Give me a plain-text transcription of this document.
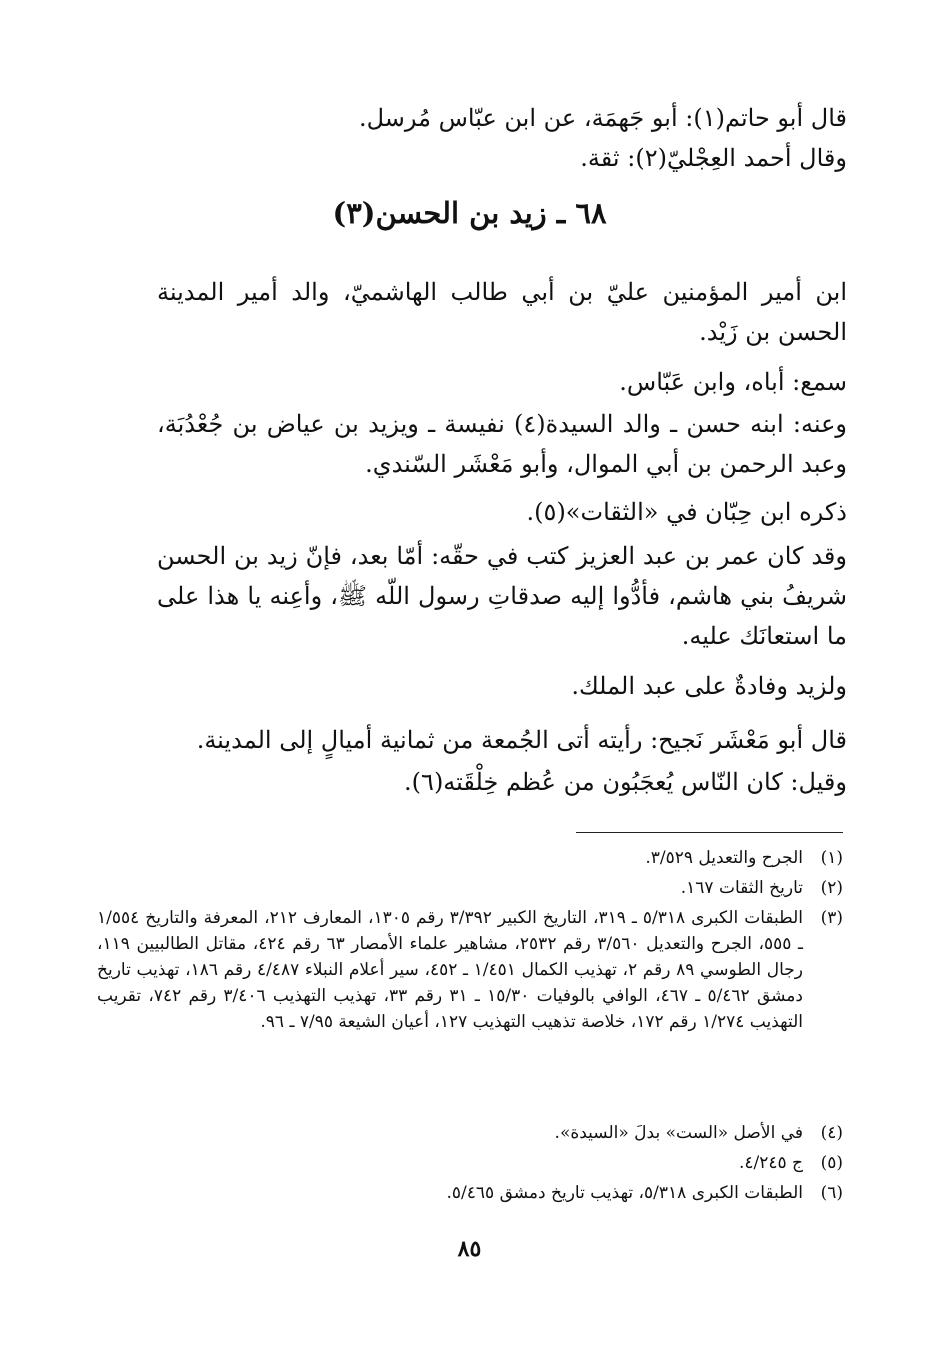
قال أبو حاتم(١): أبو جَهمَة، عن ابن عبّاس مُرسل.

وقال أحمد العِجْليّ(٢): ثقة.

٦٨ ـ زيد بن الحسن(٣)

ابن أمير المؤمنين عليّ بن أبي طالب الهاشميّ، والد أمير المدينة الحسن بن زَيْد.

سمع: أباه، وابن عَبّاس.

وعنه: ابنه حسن ـ والد السيدة(٤) نفيسة ـ ويزيد بن عياض بن جُعْدُبَة، وعبد الرحمن بن أبي الموال، وأبو مَعْشَر السّندي.

ذكره ابن حِبّان في «الثقات»(٥).

وقد كان عمر بن عبد العزيز كتب في حقّه: أمّا بعد، فإنّ زيد بن الحسن شريفُ بني هاشم، فأدُّوا إليه صدقاتِ رسول اللّه ﷺ، وأعِنه يا هذا على ما استعانَك عليه.

ولزيد وفادةٌ على عبد الملك.

قال أبو مَعْشَر نَجيح: رأيته أتى الجُمعة من ثمانية أميالٍ إلى المدينة.

وقيل: كان النّاس يُعجَبُون من عُظم خِلْقَته(٦).

(١)
الجرح والتعديل ٣/٥٢٩.
(٢)
تاريخ الثقات ١٦٧.
(٣)
الطبقات الكبرى ٥/٣١٨ ـ ٣١٩، التاريخ الكبير ٣/٣٩٢ رقم ١٣٠٥، المعارف ٢١٢، المعرفة والتاريخ ١/٥٥٤ ـ ٥٥٥، الجرح والتعديل ٣/٥٦٠ رقم ٢٥٣٢، مشاهير علماء الأمصار ٦٣ رقم ٤٢٤، مقاتل الطالبيين ١١٩، رجال الطوسي ٨٩ رقم ٢، تهذيب الكمال ١/٤٥١ ـ ٤٥٢، سير أعلام النبلاء ٤/٤٨٧ رقم ١٨٦، تهذيب تاريخ دمشق ٥/٤٦٢ ـ ٤٦٧، الوافي بالوفيات ١٥/٣٠ ـ ٣١ رقم ٣٣، تهذيب التهذيب ٣/٤٠٦ رقم ٧٤٢، تقريب التهذيب ١/٢٧٤ رقم ١٧٢، خلاصة تذهيب التهذيب ١٢٧، أعيان الشيعة ٧/٩٥ ـ ٩٦.
(٤)
في الأصل «الست» بدلَ «السيدة».
(٥)
ج ٤/٢٤٥.
(٦)
الطبقات الكبرى ٥/٣١٨، تهذيب تاريخ دمشق ٥/٤٦٥.

٨٥
